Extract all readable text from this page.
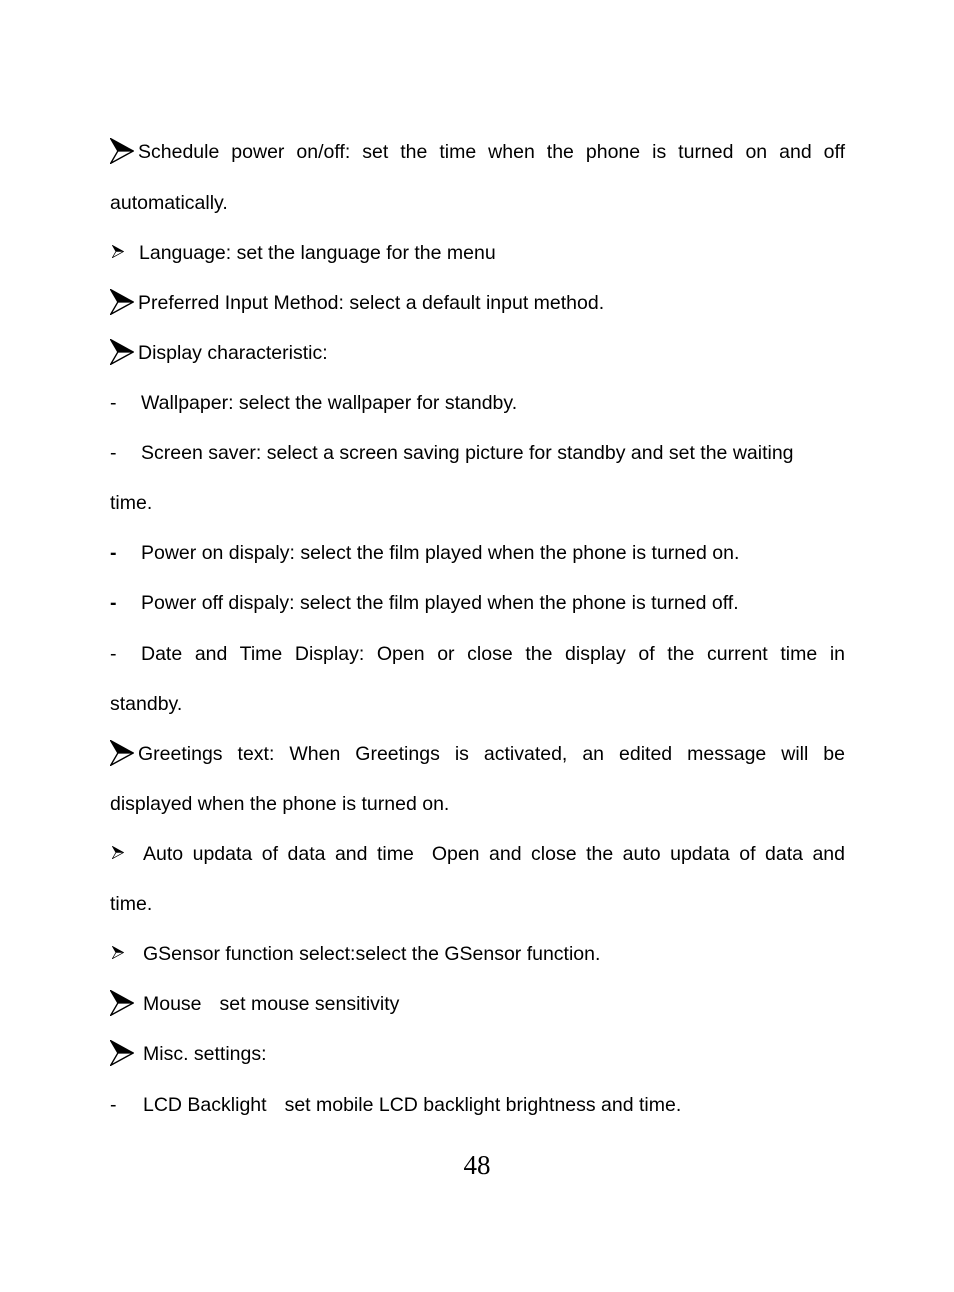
Schedule power on/off: set the time when the phone is turned on and off
automatically.
Language: set the language for the menu
Preferred Input Method: select a default input method.
Display characteristic:
- Wallpaper: select the wallpaper for standby.
- Screen saver: select a screen saving picture for standby and set the waiting
time.
- Power on dispaly: select the film played when the phone is turned on.
- Power off dispaly: select the film played when the phone is turned off.
- Date and Time Display: Open or close the display of the current time in
standby.
Greetings text: When Greetings is activated, an edited message will be
displayed when the phone is turned on.
Auto updata of data and time Open and close the auto updata of data and
time.
GSensor function select:select the GSensor function.
Mouse set mouse sensitivity
Misc. settings:
- LCD Backlight set mobile LCD backlight brightness and time.
48
